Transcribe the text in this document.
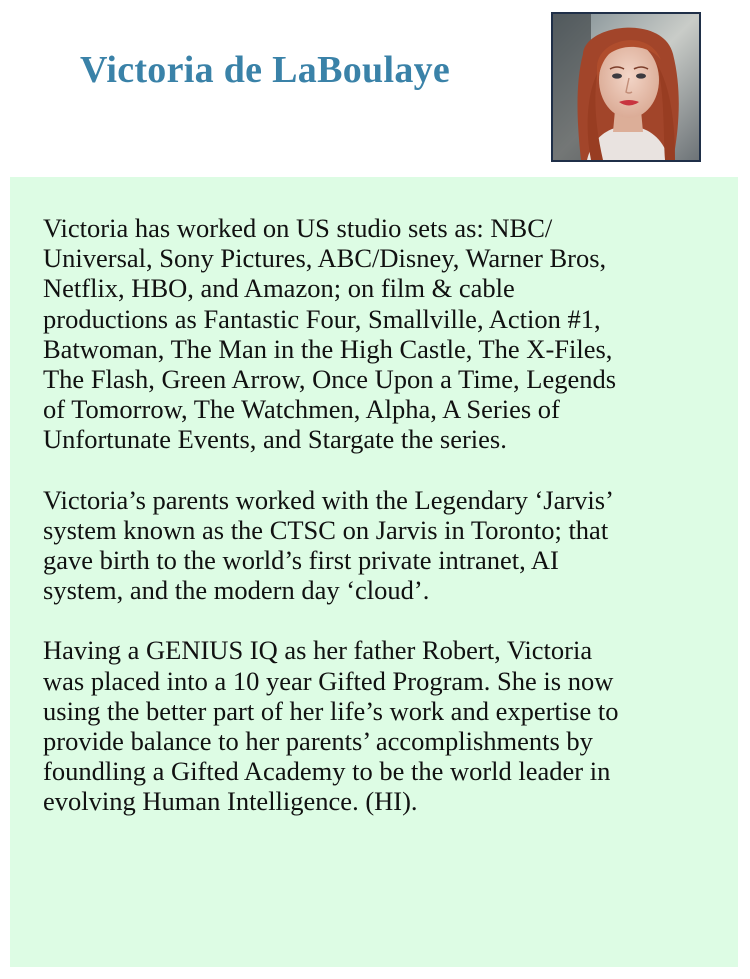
Victoria de LaBoulaye

Victoria has worked on US studio sets as: NBC/
Universal, Sony Pictures, ABC/Disney, Warner Bros,
Netflix, HBO, and Amazon; on film & cable
productions as Fantastic Four, Smallville, Action #1,
Batwoman, The Man in the High Castle, The X-Files,
The Flash, Green Arrow, Once Upon a Time, Legends
of Tomorrow, The Watchmen, Alpha, A Series of
Unfortunate Events, and Stargate the series.

Victoria’s parents worked with the Legendary ‘Jarvis’
system known as the CTSC on Jarvis in Toronto; that
gave birth to the world’s first private intranet, AI
system, and the modern day ‘cloud’.

Having a GENIUS IQ as her father Robert, Victoria
was placed into a 10 year Gifted Program. She is now
using the better part of her life’s work and expertise to
provide balance to her parents’ accomplishments by
foundling a Gifted Academy to be the world leader in
evolving Human Intelligence. (HI).
